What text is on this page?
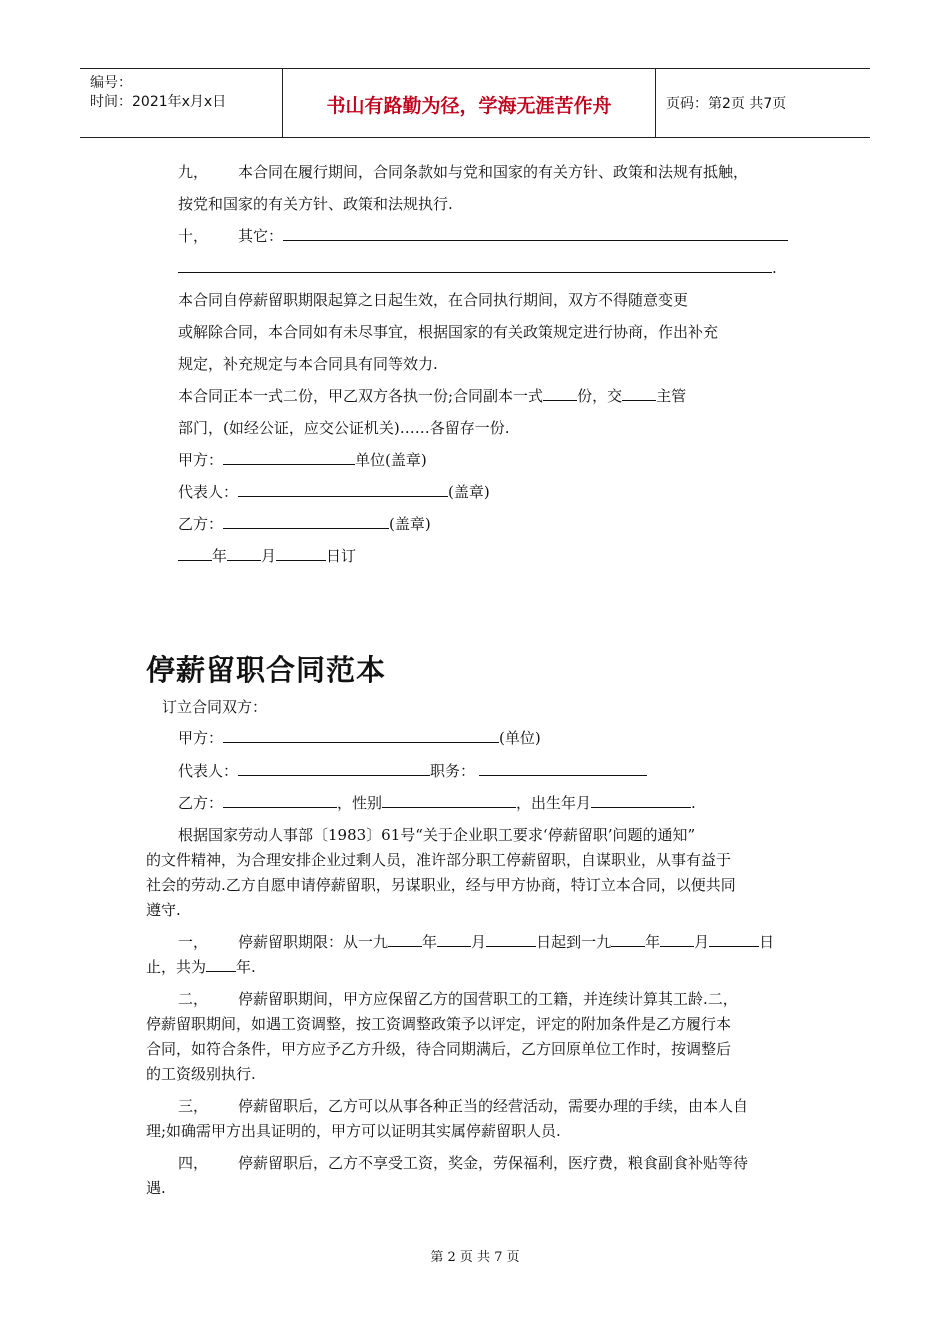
编号：
时间：2021年x月x日	书山有路勤为径，学海无涯苦作舟	页码：第2页 共7页
九， 本合同在履行期间，合同条款如与党和国家的有关方针、政策和法规有抵触，
按党和国家的有关方针、政策和法规执行.
十， 其它：
.
本合同自停薪留职期限起算之日起生效，在合同执行期间，双方不得随意变更
或解除合同，本合同如有未尽事宜，根据国家的有关政策规定进行协商，作出补充
规定，补充规定与本合同具有同等效力.
本合同正本一式二份，甲乙双方各执一份;合同副本一式 份，交 主管
部门，(如经公证，应交公证机关)……各留存一份.
甲方：	单位(盖章)
代表人：	(盖章)
乙方：	(盖章)
年 月	日订
停薪留职合同范本
订立合同双方：
甲方：	(单位)
代表人：	职务：
乙方：	，性别	，出生年月	.
根据国家劳动人事部〔1983〕61号“关于企业职工要求‘停薪留职’问题的通知”
的文件精神，为合理安排企业过剩人员，准许部分职工停薪留职，自谋职业，从事有益于
社会的劳动.乙方自愿申请停薪留职，另谋职业，经与甲方协商，特订立本合同，以便共同
遵守.
一， 停薪留职期限：从一九 年 月	日起到一九 年 月	日
止，共为 年.
二， 停薪留职期间，甲方应保留乙方的国营职工的工籍，并连续计算其工龄.二，
停薪留职期间，如遇工资调整，按工资调整政策予以评定，评定的附加条件是乙方履行本
合同，如符合条件，甲方应予乙方升级，待合同期满后，乙方回原单位工作时，按调整后
的工资级别执行.
三， 停薪留职后，乙方可以从事各种正当的经营活动，需要办理的手续，由本人自
理;如确需甲方出具证明的，甲方可以证明其实属停薪留职人员.
四， 停薪留职后，乙方不享受工资，奖金，劳保福利，医疗费，粮食副食补贴等待
遇.
第 2 页 共 7 页
